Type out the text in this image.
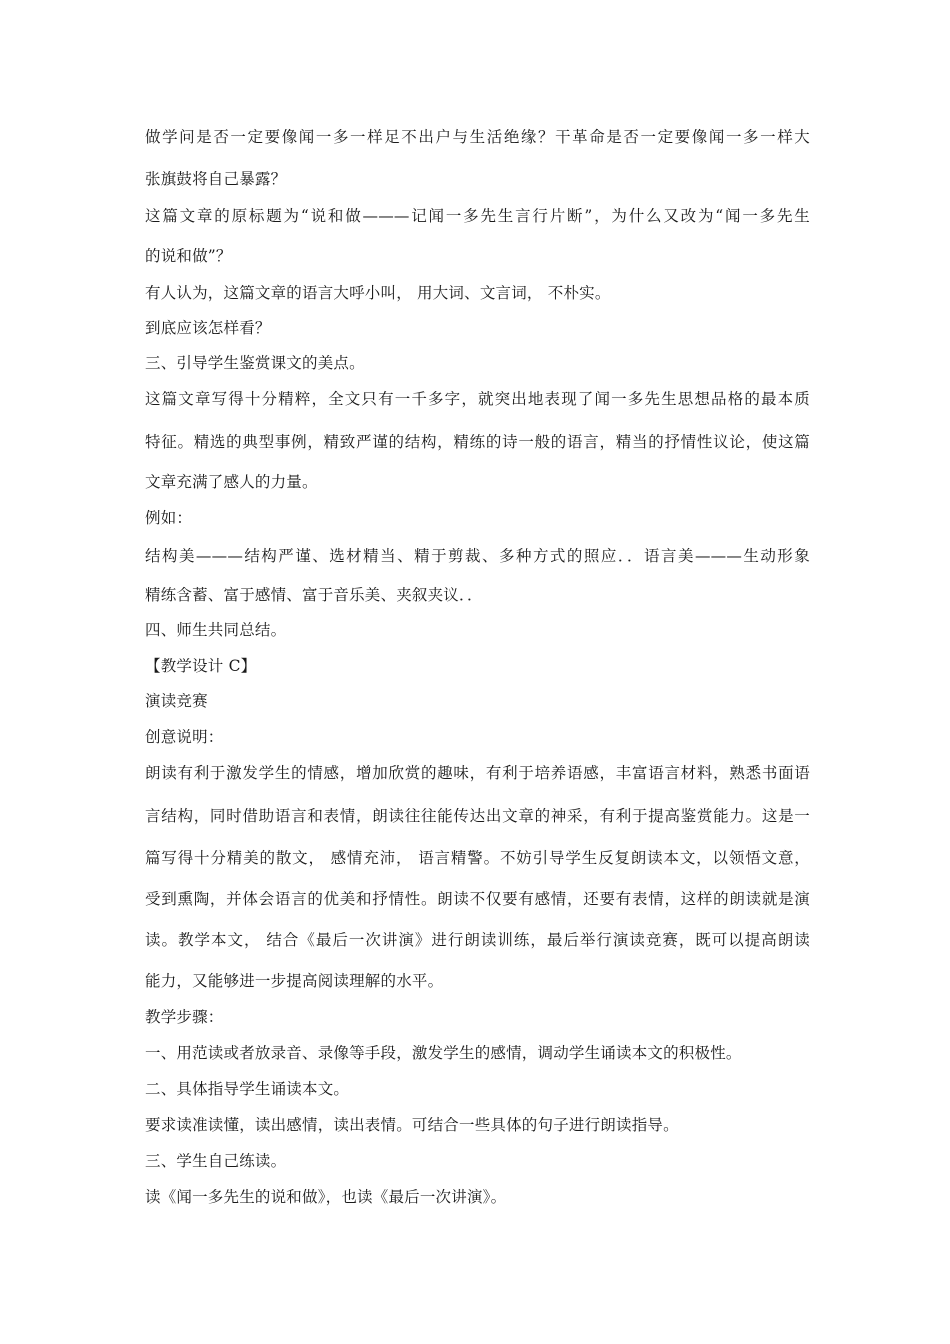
做学问是否一定要像闻一多一样足不出户与生活绝缘？干革命是否一定要像闻一多一样大
张旗鼓将自己暴露？
这篇文章的原标题为“说和做———记闻一多先生言行片断”，为什么又改为“闻一多先生
的说和做”？
有人认为，这篇文章的语言大呼小叫， 用大词、文言词， 不朴实。
到底应该怎样看？
三、引导学生鉴赏课文的美点。
这篇文章写得十分精粹，全文只有一千多字，就突出地表现了闻一多先生思想品格的最本质
特征。精选的典型事例，精致严谨的结构，精练的诗一般的语言，精当的抒情性议论，使这篇
文章充满了感人的力量。
例如：
结构美———结构严谨、选材精当、精于剪裁、多种方式的照应．．语言美———生动形象
精练含蓄、富于感情、富于音乐美、夹叙夹议．．
四、师生共同总结。
【教学设计 C】
演读竞赛
创意说明：
朗读有利于激发学生的情感，增加欣赏的趣味，有利于培养语感，丰富语言材料，熟悉书面语
言结构，同时借助语言和表情，朗读往往能传达出文章的神采，有利于提高鉴赏能力。这是一
篇写得十分精美的散文， 感情充沛， 语言精警。不妨引导学生反复朗读本文，以领悟文意，
受到熏陶，并体会语言的优美和抒情性。朗读不仅要有感情，还要有表情，这样的朗读就是演
读。教学本文， 结合《最后一次讲演》进行朗读训练，最后举行演读竞赛，既可以提高朗读
能力，又能够进一步提高阅读理解的水平。
教学步骤：
一、用范读或者放录音、录像等手段，激发学生的感情，调动学生诵读本文的积极性。
二、具体指导学生诵读本文。
要求读准读懂，读出感情，读出表情。可结合一些具体的句子进行朗读指导。
三、学生自己练读。
读《闻一多先生的说和做》，也读《最后一次讲演》。
